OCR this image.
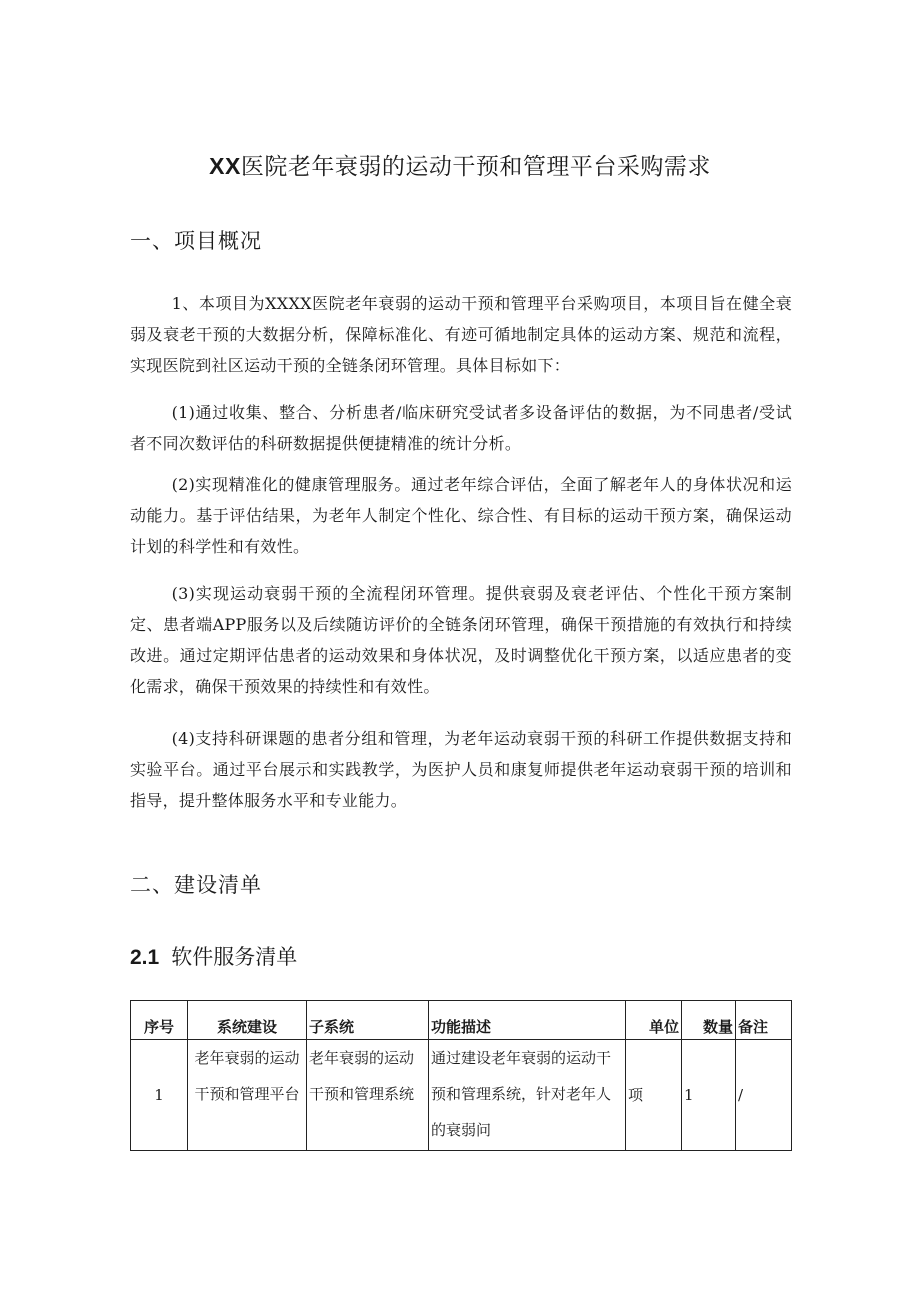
XX医院老年衰弱的运动干预和管理平台采购需求
一、项目概况
1、本项目为XXXX医院老年衰弱的运动干预和管理平台采购项目，本项目旨在健全衰弱及衰老干预的大数据分析，保障标准化、有迹可循地制定具体的运动方案、规范和流程，实现医院到社区运动干预的全链条闭环管理。具体目标如下：
(1)通过收集、整合、分析患者/临床研究受试者多设备评估的数据，为不同患者/受试者不同次数评估的科研数据提供便捷精准的统计分析。
(2)实现精准化的健康管理服务。通过老年综合评估，全面了解老年人的身体状况和运动能力。基于评估结果，为老年人制定个性化、综合性、有目标的运动干预方案，确保运动计划的科学性和有效性。
(3)实现运动衰弱干预的全流程闭环管理。提供衰弱及衰老评估、个性化干预方案制定、患者端APP服务以及后续随访评价的全链条闭环管理，确保干预措施的有效执行和持续改进。通过定期评估患者的运动效果和身体状况，及时调整优化干预方案，以适应患者的变化需求，确保干预效果的持续性和有效性。
(4)支持科研课题的患者分组和管理，为老年运动衰弱干预的科研工作提供数据支持和实验平台。通过平台展示和实践教学，为医护人员和康复师提供老年运动衰弱干预的培训和指导，提升整体服务水平和专业能力。
二、建设清单
2.1 软件服务清单
序号	系统建设	子系统	功能描述	单位	数量	备注
1	老年衰弱的运动干预和管理平台	老年衰弱的运动干预和管理系统	通过建设老年衰弱的运动干预和管理系统，针对老年人的衰弱问	项	1	/
